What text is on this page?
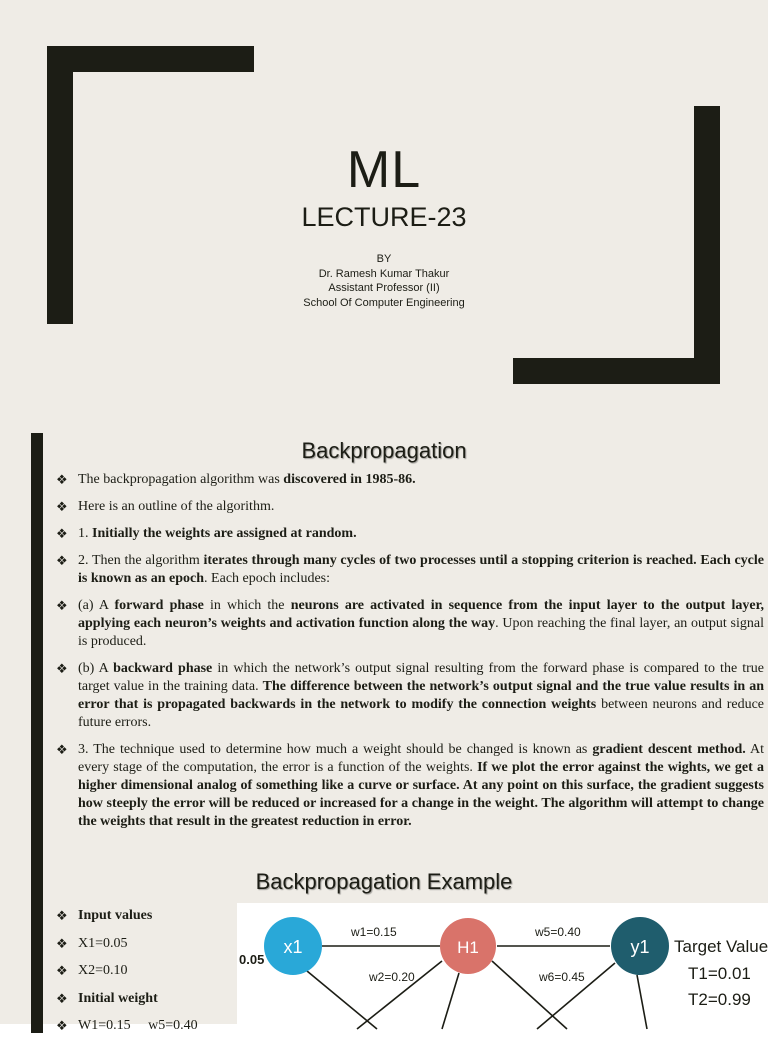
ML
LECTURE-23
BY
Dr. Ramesh Kumar Thakur
Assistant Professor (II)
School Of Computer Engineering
Backpropagation
❖ The backpropagation algorithm was discovered in 1985-86.
❖ Here is an outline of the algorithm.
❖ 1. Initially the weights are assigned at random.
❖ 2. Then the algorithm iterates through many cycles of two processes until a stopping criterion is reached. Each cycle is known as an epoch. Each epoch includes:
❖ (a) A forward phase in which the neurons are activated in sequence from the input layer to the output layer, applying each neuron’s weights and activation function along the way. Upon reaching the final layer, an output signal is produced.
❖ (b) A backward phase in which the network’s output signal resulting from the forward phase is compared to the true target value in the training data. The difference between the network’s output signal and the true value results in an error that is propagated backwards in the network to modify the connection weights between neurons and reduce future errors.
❖ 3. The technique used to determine how much a weight should be changed is known as gradient descent method. At every stage of the computation, the error is a function of the weights. If we plot the error against the wights, we get a higher dimensional analog of something like a curve or surface. At any point on this surface, the gradient suggests how steeply the error will be reduced or increased for a change in the weight. The algorithm will attempt to change the weights that result in the greatest reduction in error.
Backpropagation Example
❖ Input values
❖ X1=0.05
❖ X2=0.10
❖ Initial weight
❖ W1=0.15     w5=0.40
0.05
x1	H1	y1
w1=0.15
w2=0.20
w5=0.40
w6=0.45
Target Value
T1=0.01
T2=0.99
